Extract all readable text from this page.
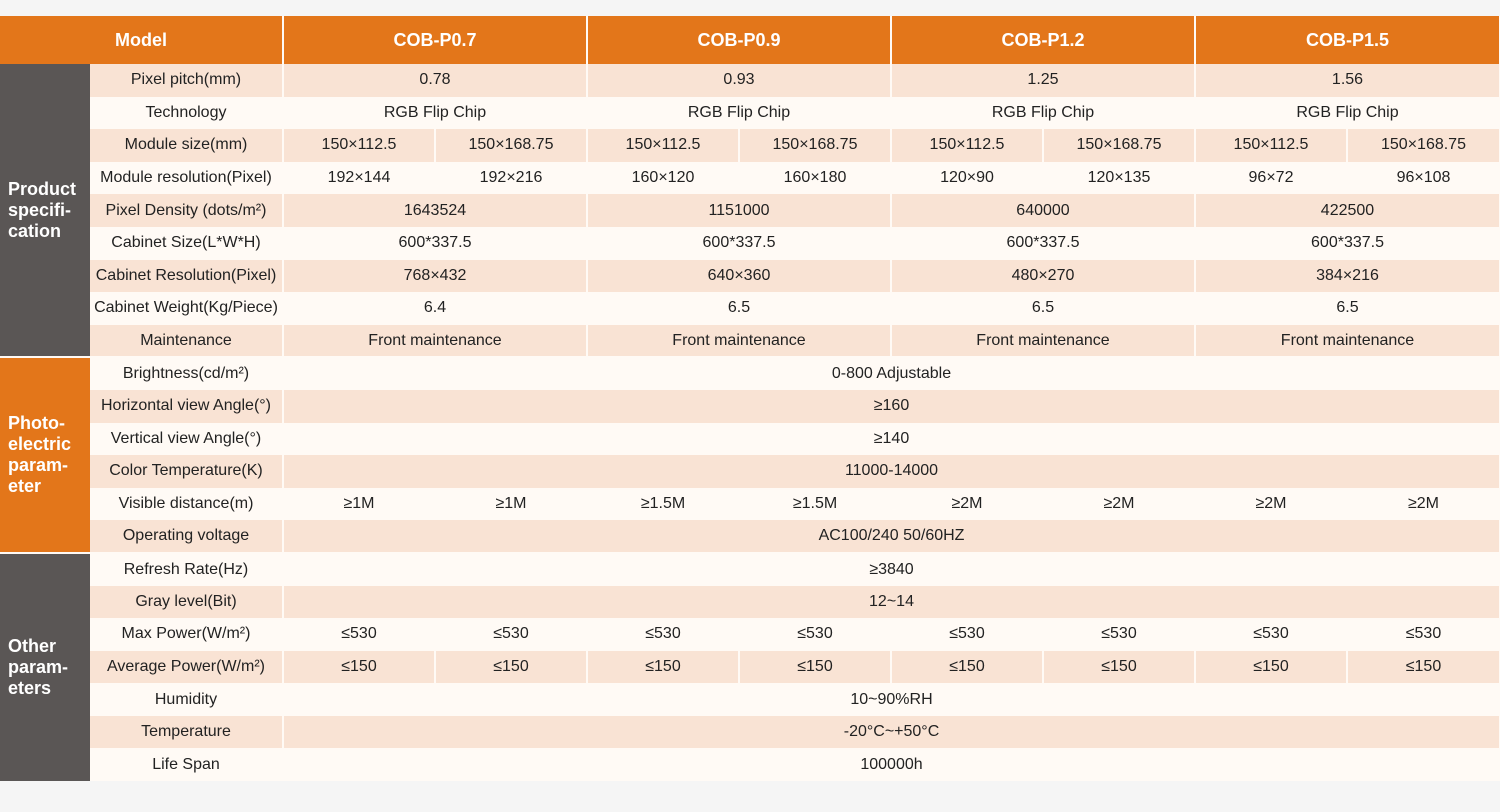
Model		COB-P0.7		COB-P0.9		COB-P1.2		COB-P1.5	
Product
specifi-
cation	Pixel pitch(mm)	0.78		0.93		1.25		1.56	
	Technology	RGB Flip Chip		RGB Flip Chip		RGB Flip Chip		RGB Flip Chip	
	Module size(mm)	150×112.5	150×168.75	150×112.5	150×168.75	150×112.5	150×168.75	150×112.5	150×168.75
	Module resolution(Pixel)	192×144	192×216	160×120	160×180	120×90	120×135	96×72	96×108
	Pixel Density (dots/m²)	1643524		1151000		640000		422500	
	Cabinet Size(L*W*H)	600*337.5		600*337.5		600*337.5		600*337.5	
	Cabinet Resolution(Pixel)	768×432		640×360		480×270		384×216	
	Cabinet Weight(Kg/Piece)	6.4		6.5		6.5		6.5	
	Maintenance	Front maintenance		Front maintenance		Front maintenance		Front maintenance	
Photo-
electric
param-
eter	Brightness(cd/m²)	0-800 Adjustable							
	Horizontal view Angle(°)	≥160							
	Vertical view Angle(°)	≥140							
	Color Temperature(K)	11000-14000							
	Visible distance(m)	≥1M	≥1M	≥1.5M	≥1.5M	≥2M	≥2M	≥2M	≥2M
	Operating voltage	AC100/240 50/60HZ							
Other
param-
eters	Refresh Rate(Hz)	≥3840							
	Gray level(Bit)	12~14							
	Max Power(W/m²)	≤530	≤530	≤530	≤530	≤530	≤530	≤530	≤530
	Average Power(W/m²)	≤150	≤150	≤150	≤150	≤150	≤150	≤150	≤150
	Humidity	10~90%RH							
	Temperature	-20°C~+50°C							
	Life Span	100000h							
